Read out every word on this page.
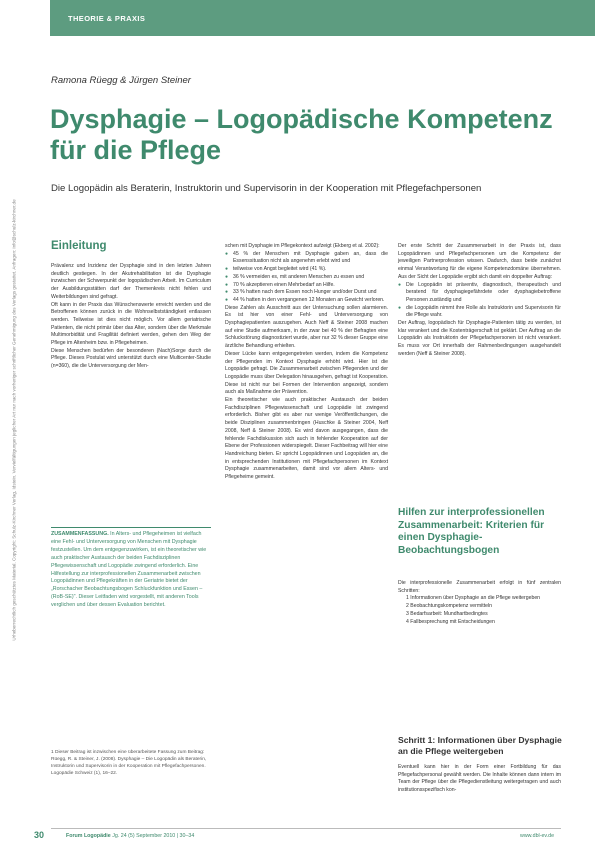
THEORIE & PRAXIS
Urheberrechtlich geschütztes Material. Copyright: Schulz-Kirchner Verlag, Idstein. Vervielfältigungen jeglicher Art nur nach vorheriger schriftlicher Genehmigung des Verlags gestattet. Anfragen: info@schulz-kirchner.de
Ramona Rüegg & Jürgen Steiner
Dysphagie – Logopädische Kompetenz für die Pflege
Die Logopädin als Beraterin, Instruktorin und Supervisorin in der Kooperation mit Pflegefachpersonen
Einleitung

Prävalenz und Inzidenz der Dysphagie sind in den letzten Jahren deutlich gestiegen. In der Akutrehabilitation ist die Dysphagie inzwischen der Schwerpunkt der logopädischen Arbeit. Im Curriculum der Ausbildungsstätten darf der Themenkreis nicht fehlen und Weiterbildungen sind gefragt.

Oft kann in der Praxis das Wünschenswerte erreicht werden und die Betroffenen können zurück in die Wohnselbstständigkeit entlassen werden. Teilweise ist dies nicht möglich. Vor allem geriatrische Patienten, die nicht primär über das Alter, sondern über die Merkmale Multimorbidität und Fragilität definiert werden, gehen den Weg der Pflege im Altenheim bzw. in Pflegeheimen.

Diese Menschen bedürfen der besonderen (Nach)Sorge durch die Pflege. Dieses Postulat wird unterstützt durch eine Multicenter-Studie (n=360), die die Unterversorgung der Men-

ZUSAMMENFASSUNG. In Alters- und Pflegeheimen ist vielfach eine Fehl- und Unterversorgung von Menschen mit Dysphagie festzustellen. Um dem entgegenzuwirken, ist ein theoretischer wie auch praktischer Austausch der beiden Fachdisziplinen Pflegewissenschaft und Logopädie zwingend erforderlich. Eine Hilfestellung zur interprofessionellen Zusammenarbeit zwischen Logopädinnen und Pflegekräften in der Geriatrie bietet der „Rorschacher Beobachtungsbogen Schluckfunktion und Essen – (RoB-SE)". Dieser Leitfaden wird vorgestellt, mit anderen Tools verglichen und über dessen Evaluation berichtet.
1 Dieser Beitrag ist inzwischen eine überarbeitete Fassung zum Beitrag: Rüegg, R. & Steiner, J. (2008). Dysphagie – Die Logopädin als Beraterin, Instruktorin und Supervisorin in der Kooperation mit Pflegefachpersonen. Logopädie Schweiz (1), 16–22.

schen mit Dysphagie im Pflegekontext aufzeigt (Ekberg et al. 2002):

● 45 % der Menschen mit Dysphagie gaben an, dass die Essenssituation nicht als angenehm erlebt wird und
● teilweise von Angst begleitet wird (41 %).
● 36 % vermeiden es, mit anderen Menschen zu essen und
● 70 % akzeptieren einen Mehrbedarf an Hilfe.
● 33 % hatten nach dem Essen noch Hunger und/oder Durst und
● 44 % hatten in den vergangenen 12 Monaten an Gewicht verloren.

Diese Zahlen als Ausschnitt aus der Untersuchung sollen alarmieren. Es ist hier von einer Fehl- und Unterversorgung von Dysphagiepatienten auszugehen. Auch Neff & Steiner 2008 machen auf eine Studie aufmerksam, in der zwar bei 40 % der Befragten eine Schluckstörung diagnostiziert wurde, aber nur 32 % dieser Gruppe eine ärztliche Behandlung erhielten.

Dieser Lücke kann entgegengetreten werden, indem die Kompetenz der Pflegenden im Kontext Dysphagie erhöht wird. Hier ist die Logopädie gefragt. Die Zusammenarbeit zwischen Pflegenden und der Logopädie muss über Delegation hinausgehen, gefragt ist Kooperation. Diese ist nicht nur bei Formen der Intervention angezeigt, sondern auch als Maßnahme der Prävention.

Ein theoretischer wie auch praktischer Austausch der beiden Fachdisziplinen Pflegewissenschaft und Logopädie ist zwingend erforderlich. Bisher gibt es aber nur wenige Veröffentlichungen, die beide Disziplinen zusammenbringen (Huschke & Steiner 2004, Neff 2008, Neff & Steiner 2008). Es wird davon ausgegangen, dass die fehlende Fachdiskussion sich auch in fehlender Kooperation auf der Ebene der Professionen widerspiegelt. Dieser Fachbeitrag will hier eine Handreichung bieten. Er spricht Logopädinnen und Logopäden an, die in entsprechenden Institutionen mit Pflegefachpersonen im Kontext Dysphagie zusammenarbeiten, damit sind vor allem Alters- und Pflegeheime gemeint.

Der erste Schritt der Zusammenarbeit in der Praxis ist, dass Logopädinnen und Pflegefachpersonen um die Kompetenz der jeweiligen Partnerprofession wissen. Dadurch, dass beide zunächst einmal Verantwortung für die eigene Kompetenzdomäne übernehmen. Aus der Sicht der Logopädie ergibt sich damit ein doppelter Auftrag:

● Die Logopädin ist präventiv, diagnostisch, therapeutisch und beratend für dysphagiegefährdete oder dysphagiebetroffene Personen zuständig und
● die Logopädin nimmt ihre Rolle als Instruktorin und Supervisorin für die Pflege wahr.

Der Auftrag, logopädisch für Dysphagie-Patienten tätig zu werden, ist klar verankert und die Kostenträgerschaft ist geklärt. Der Auftrag an die Logopädin als Instruktorin der Pflegefachpersonen ist nicht verankert. Es muss vor Ort innerhalb der Rahmenbedingungen ausgehandelt werden (Neff & Steiner 2008).

Hilfen zur interprofessionellen Zusammenarbeit: Kriterien für einen Dysphagie-Beobachtungsbogen

Die interprofessionelle Zusammenarbeit erfolgt in fünf zentralen Schritten:

1 Informationen über Dysphagie an die Pflege weitergeben
2 Beobachtungskompetenz vermitteln
3 Bedarfsarbeit: Mundhartbedingtes
4 Fallbesprechung mit Entscheidungen
Schritt 1: Informationen über Dysphagie an die Pflege weitergeben
Eventuell kann hier in der Form einer Fortbildung für das Pflegefachpersonal gewählt werden. Die Inhalte können dann intern im Team der Pflege über die Pflegedienstleitung weitergetragen und auch institutionsspezifisch kon-
30	Forum Logopädie Jg. 24 (5) September 2010 | 30–34	www.dbl-ev.de
